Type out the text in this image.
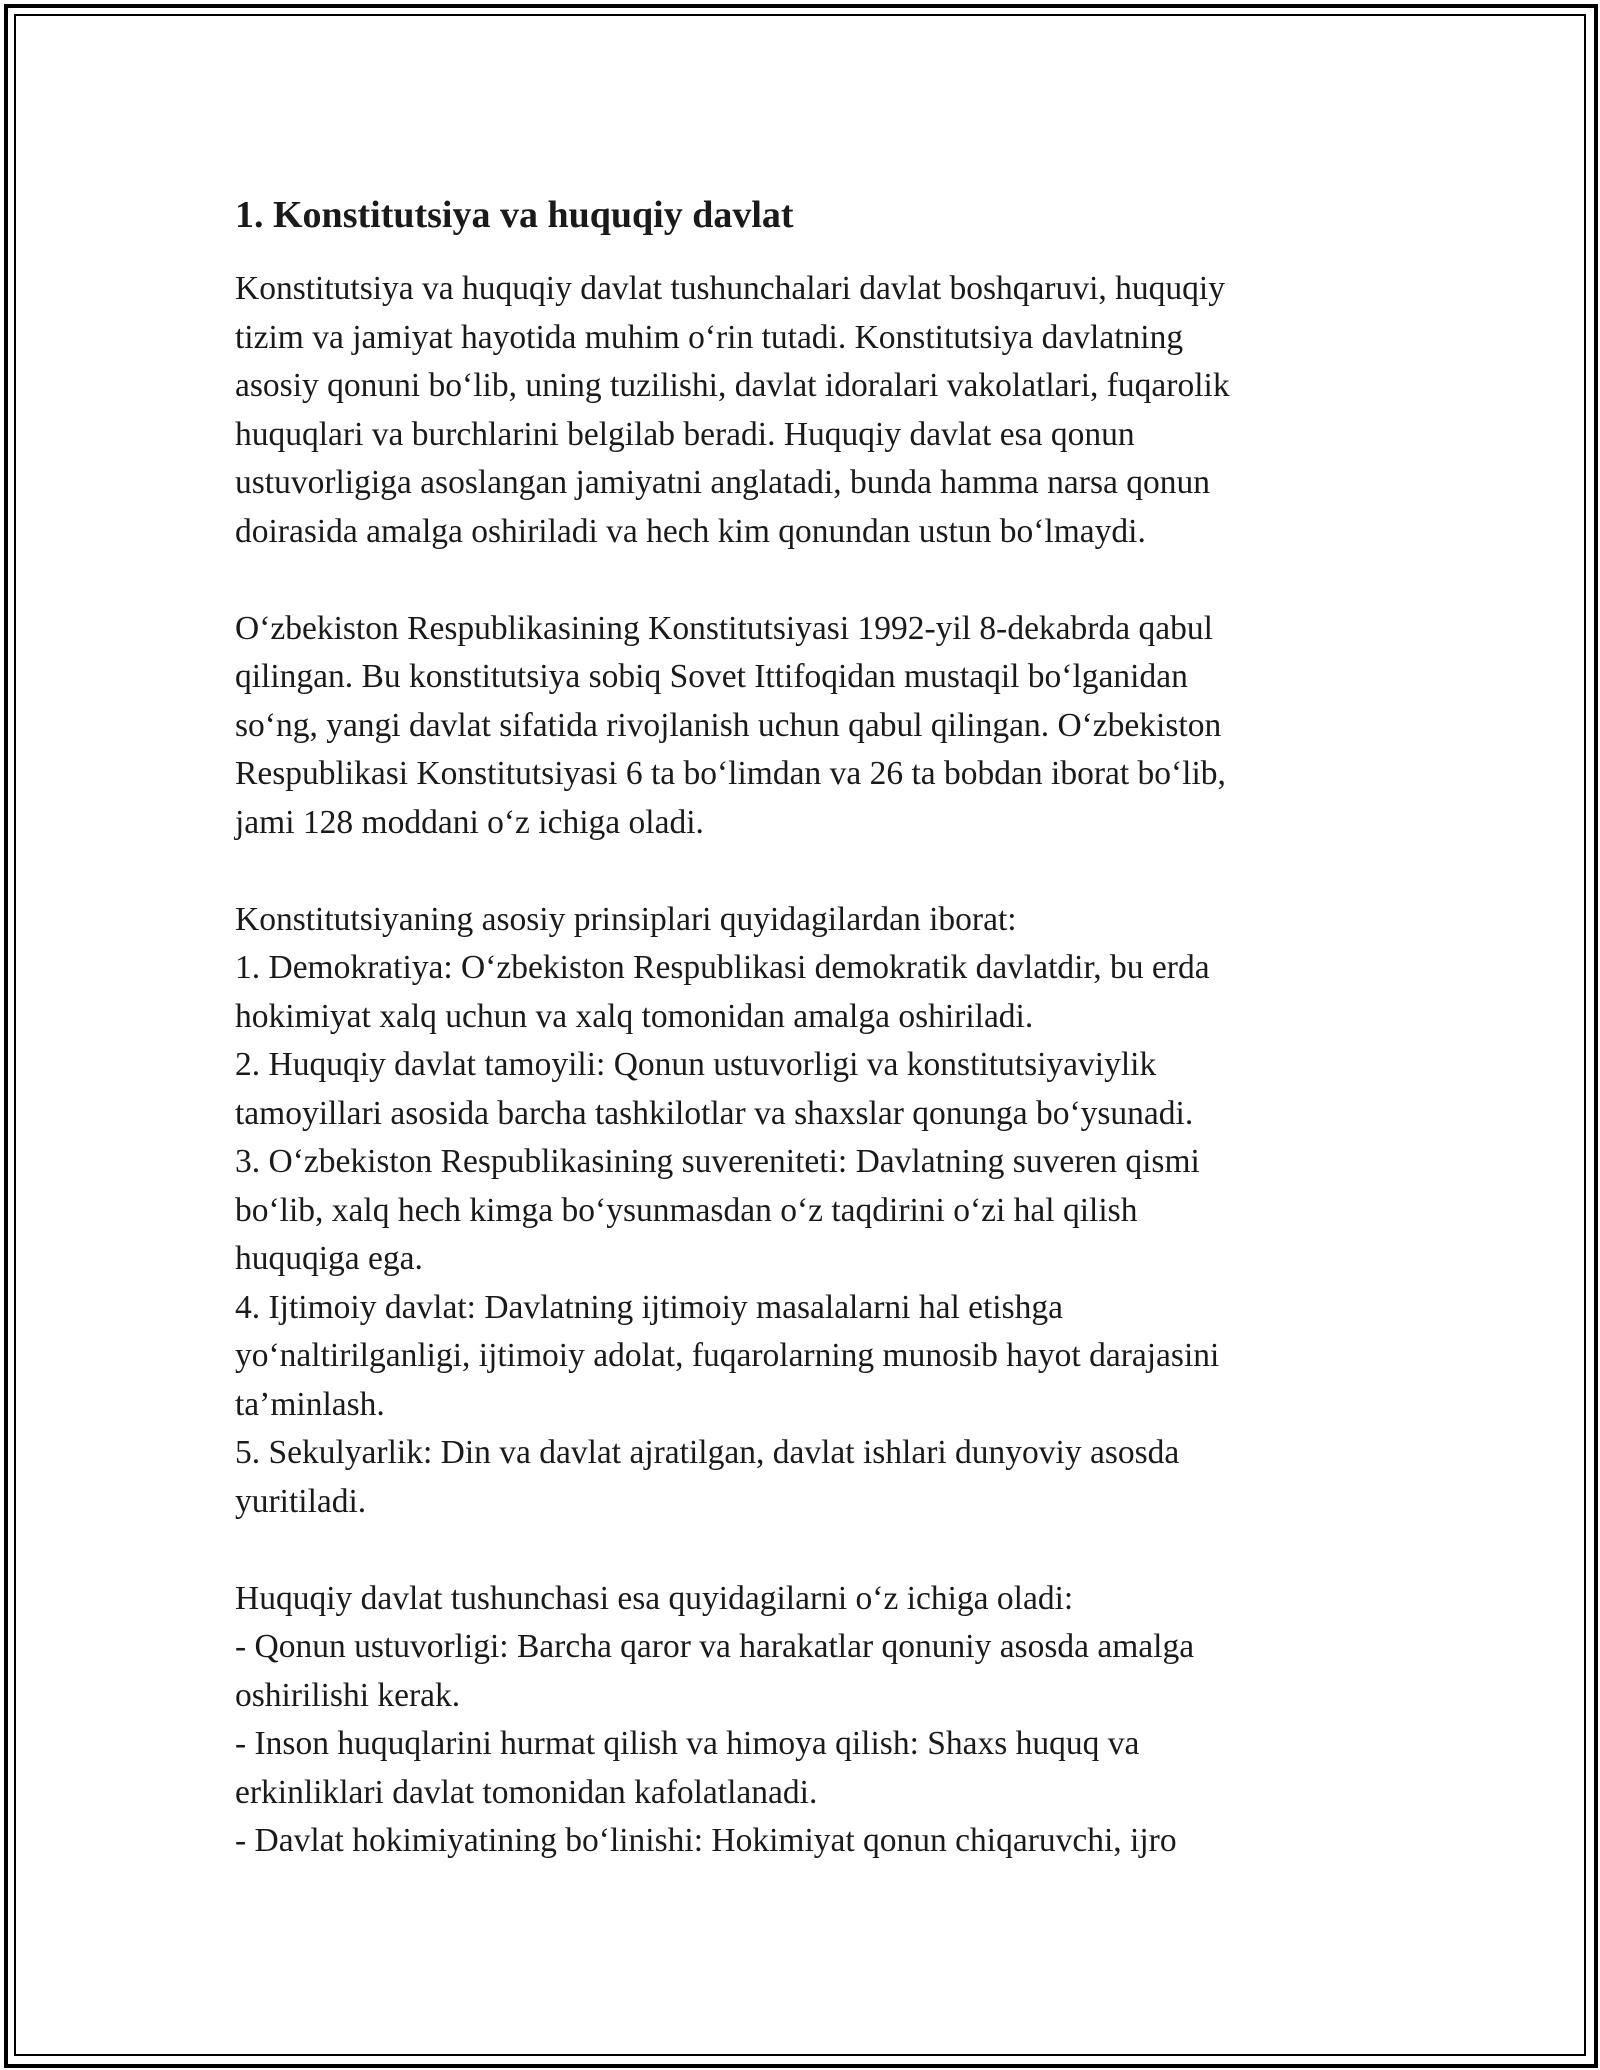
1. Konstitutsiya va huquqiy davlat

Konstitutsiya va huquqiy davlat tushunchalari davlat boshqaruvi, huquqiy
tizim va jamiyat hayotida muhim o‘rin tutadi. Konstitutsiya davlatning
asosiy qonuni bo‘lib, uning tuzilishi, davlat idoralari vakolatlari, fuqarolik
huquqlari va burchlarini belgilab beradi. Huquqiy davlat esa qonun
ustuvorligiga asoslangan jamiyatni anglatadi, bunda hamma narsa qonun
doirasida amalga oshiriladi va hech kim qonundan ustun bo‘lmaydi.

O‘zbekiston Respublikasining Konstitutsiyasi 1992-yil 8-dekabrda qabul
qilingan. Bu konstitutsiya sobiq Sovet Ittifoqidan mustaqil bo‘lganidan
so‘ng, yangi davlat sifatida rivojlanish uchun qabul qilingan. O‘zbekiston
Respublikasi Konstitutsiyasi 6 ta bo‘limdan va 26 ta bobdan iborat bo‘lib,
jami 128 moddani o‘z ichiga oladi.

Konstitutsiyaning asosiy prinsiplari quyidagilardan iborat:
1. Demokratiya: O‘zbekiston Respublikasi demokratik davlatdir, bu erda
hokimiyat xalq uchun va xalq tomonidan amalga oshiriladi.
2. Huquqiy davlat tamoyili: Qonun ustuvorligi va konstitutsiyaviylik
tamoyillari asosida barcha tashkilotlar va shaxslar qonunga bo‘ysunadi.
3. O‘zbekiston Respublikasining suvereniteti: Davlatning suveren qismi
bo‘lib, xalq hech kimga bo‘ysunmasdan o‘z taqdirini o‘zi hal qilish
huquqiga ega.
4. Ijtimoiy davlat: Davlatning ijtimoiy masalalarni hal etishga
yo‘naltirilganligi, ijtimoiy adolat, fuqarolarning munosib hayot darajasini
ta’minlash.
5. Sekulyarlik: Din va davlat ajratilgan, davlat ishlari dunyoviy asosda
yuritiladi.

Huquqiy davlat tushunchasi esa quyidagilarni o‘z ichiga oladi:
- Qonun ustuvorligi: Barcha qaror va harakatlar qonuniy asosda amalga
oshirilishi kerak.
- Inson huquqlarini hurmat qilish va himoya qilish: Shaxs huquq va
erkinliklari davlat tomonidan kafolatlanadi.
- Davlat hokimiyatining bo‘linishi: Hokimiyat qonun chiqaruvchi, ijro
